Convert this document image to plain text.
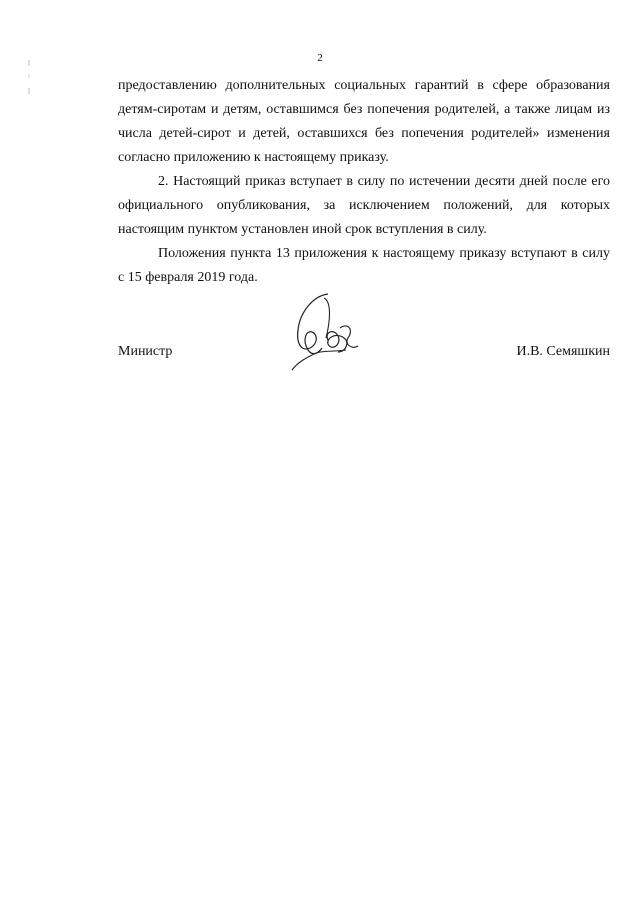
2

предоставлению дополнительных социальных гарантий в сфере образования детям-сиротам и детям, оставшимся без попечения родителей, а также лицам из числа детей-сирот и детей, оставшихся без попечения родителей» изменения согласно приложению к настоящему приказу.

2. Настоящий приказ вступает в силу по истечении десяти дней после его официального опубликования, за исключением положений, для которых настоящим пунктом установлен иной срок вступления в силу.

Положения пункта 13 приложения к настоящему приказу вступают в силу с 15 февраля 2019 года.

Министр	И.В. Семяшкин
